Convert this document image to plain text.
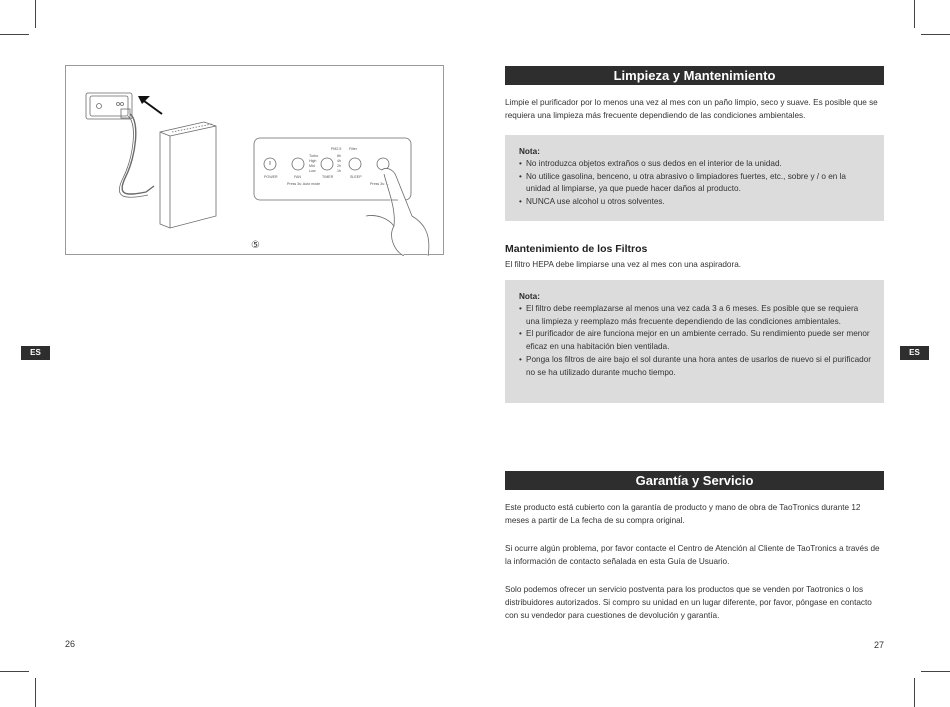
POWER	FAN	TIMER	SLEEP
Press 3s: Auto mode	Press 3s: ...
PM2.5 Filter
Turbo
High
Mid
Low
8h
4h
2h
1h
⑤
ES
26
Limpieza y Mantenimiento

Limpie el purificador por lo menos una vez al mes con un paño limpio, seco y suave. Es posible que se requiera una limpieza más frecuente dependiendo de las condiciones ambientales.

Nota:
• No introduzca objetos extraños o sus dedos en el interior de la unidad.
• No utilice gasolina, benceno, u otra abrasivo o limpiadores fuertes, etc., sobre y / o en la unidad al limpiarse, ya que puede hacer daños al producto.
• NUNCA use alcohol u otros solventes.
Mantenimiento de los Filtros

El filtro HEPA debe limpiarse una vez al mes con una aspiradora.

Nota:
• El filtro debe reemplazarse al menos una vez cada 3 a 6 meses. Es posible que se requiera una limpieza y reemplazo más frecuente dependiendo de las condiciones ambientales.
• El purificador de aire funciona mejor en un ambiente cerrado. Su rendimiento puede ser menor eficaz en una habitación bien ventilada.
• Ponga los filtros de aire bajo el sol durante una hora antes de usarlos de nuevo si el purificador no se ha utilizado durante mucho tiempo.
Garantía y Servicio

Este producto está cubierto con la garantía de producto y mano de obra de TaoTronics durante 12 meses a partir de La fecha de su compra original.

Si ocurre algún problema, por favor contacte el Centro de Atención al Cliente de TaoTronics a través de la información de contacto señalada en esta Guía de Usuario.

Solo podemos ofrecer un servicio postventa para los productos que se venden por Taotronics o los distribuidores autorizados. Si compro su unidad en un lugar diferente, por favor, póngase en contacto con su vendedor para cuestiones de devolución y garantía.

ES
27
